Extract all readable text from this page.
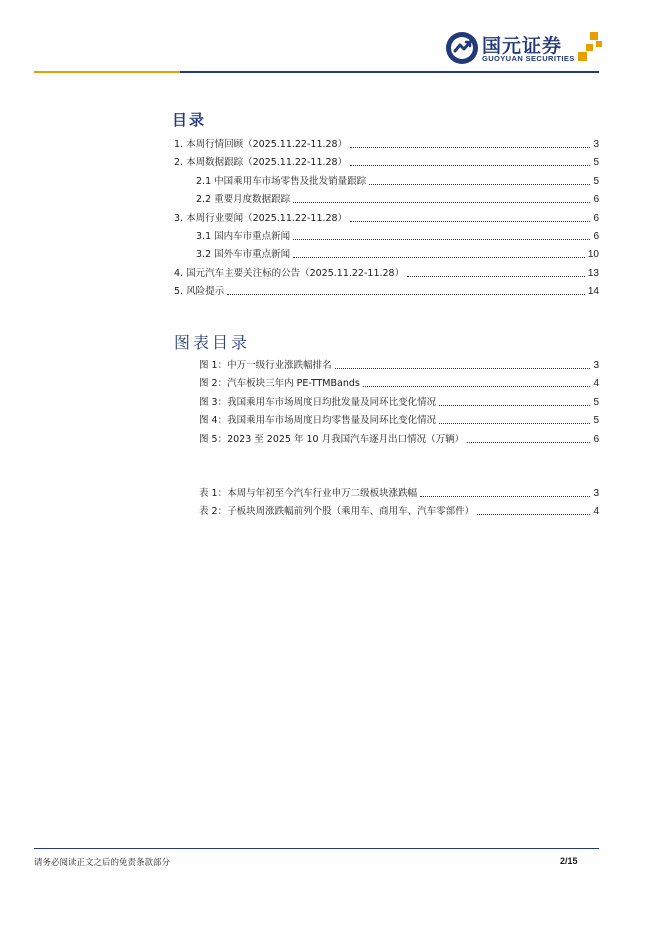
国元证券
GUOYUAN SECURITIES
目录
1. 本周行情回顾（2025.11.22-11.28）	3
2. 本周数据跟踪（2025.11.22-11.28）	5
2.1 中国乘用车市场零售及批发销量跟踪	5
2.2 重要月度数据跟踪	6
3. 本周行业要闻（2025.11.22-11.28）	6
3.1 国内车市重点新闻	6
3.2 国外车市重点新闻	10
4. 国元汽车主要关注标的公告（2025.11.22-11.28）	13
5. 风险提示	14
图表目录
图 1：中万一级行业涨跌幅排名	3
图 2：汽车板块三年内 PE-TTMBands	4
图 3：我国乘用车市场周度日均批发量及同环比变化情况	5
图 4：我国乘用车市场周度日均零售量及同环比变化情况	5
图 5：2023 至 2025 年 10 月我国汽车逐月出口情况（万辆）	6
表 1：本周与年初至今汽车行业申万二级板块涨跌幅	3
表 2：子板块周涨跌幅前列个股（乘用车、商用车、汽车零部件）	4
请务必阅读正文之后的免责条款部分	2/15
